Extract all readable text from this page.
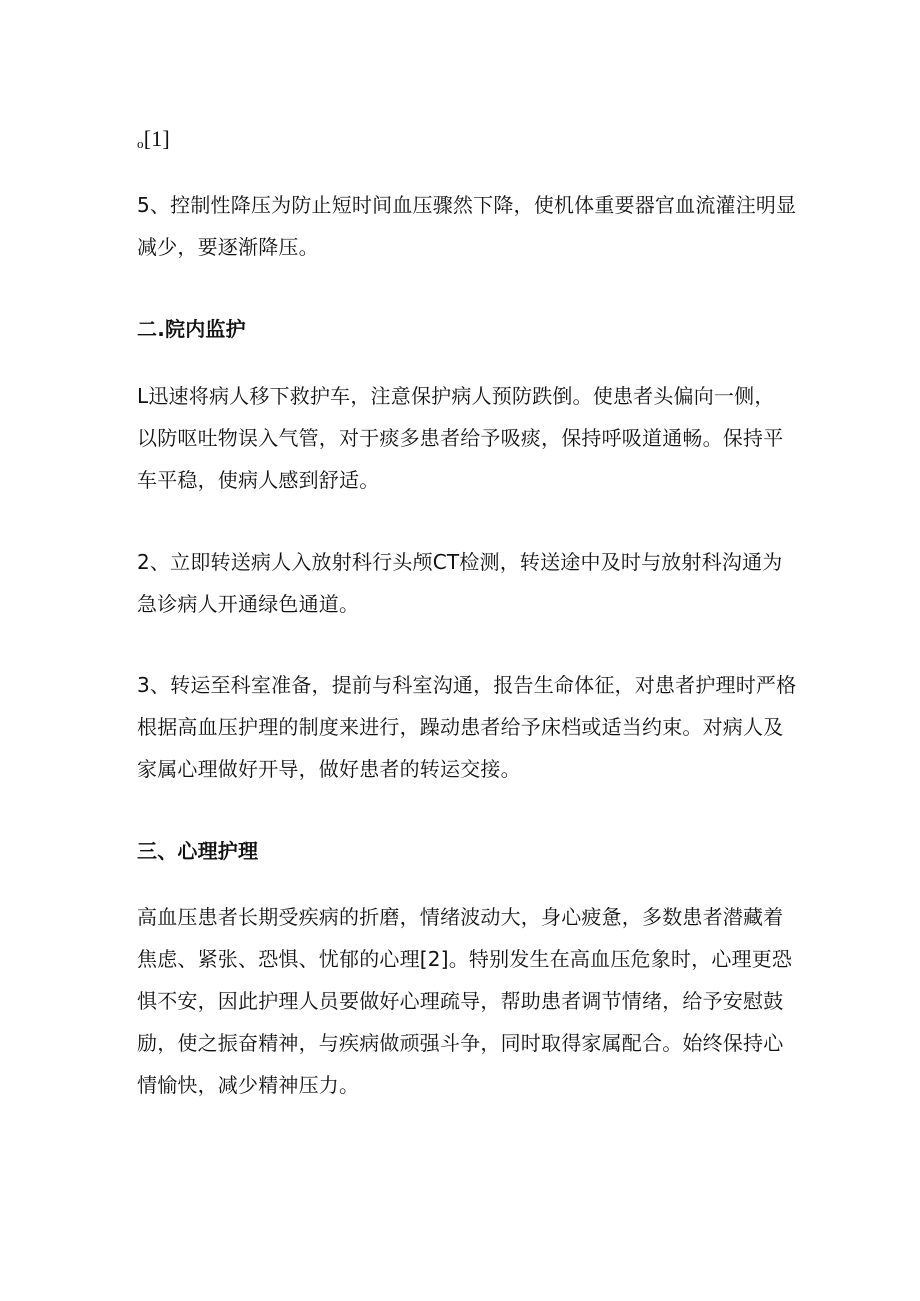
o[1]

5、控制性降压为防止短时间血压骤然下降，使机体重要器官血流灌注明显
减少，要逐渐降压。

二.院内监护

L迅速将病人移下救护车，注意保护病人预防跌倒。使患者头偏向一侧，
以防呕吐物误入气管，对于痰多患者给予吸痰，保持呼吸道通畅。保持平
车平稳，使病人感到舒适。

2、立即转送病人入放射科行头颅CT检测，转送途中及时与放射科沟通为
急诊病人开通绿色通道。

3、转运至科室准备，提前与科室沟通，报告生命体征，对患者护理时严格
根据高血压护理的制度来进行，躁动患者给予床档或适当约束。对病人及
家属心理做好开导，做好患者的转运交接。

三、心理护理

高血压患者长期受疾病的折磨，情绪波动大，身心疲惫，多数患者潜藏着
焦虑、紧张、恐惧、忧郁的心理[2]。特别发生在高血压危象时，心理更恐
惧不安，因此护理人员要做好心理疏导，帮助患者调节情绪，给予安慰鼓
励，使之振奋精神，与疾病做顽强斗争，同时取得家属配合。始终保持心
情愉快，减少精神压力。
